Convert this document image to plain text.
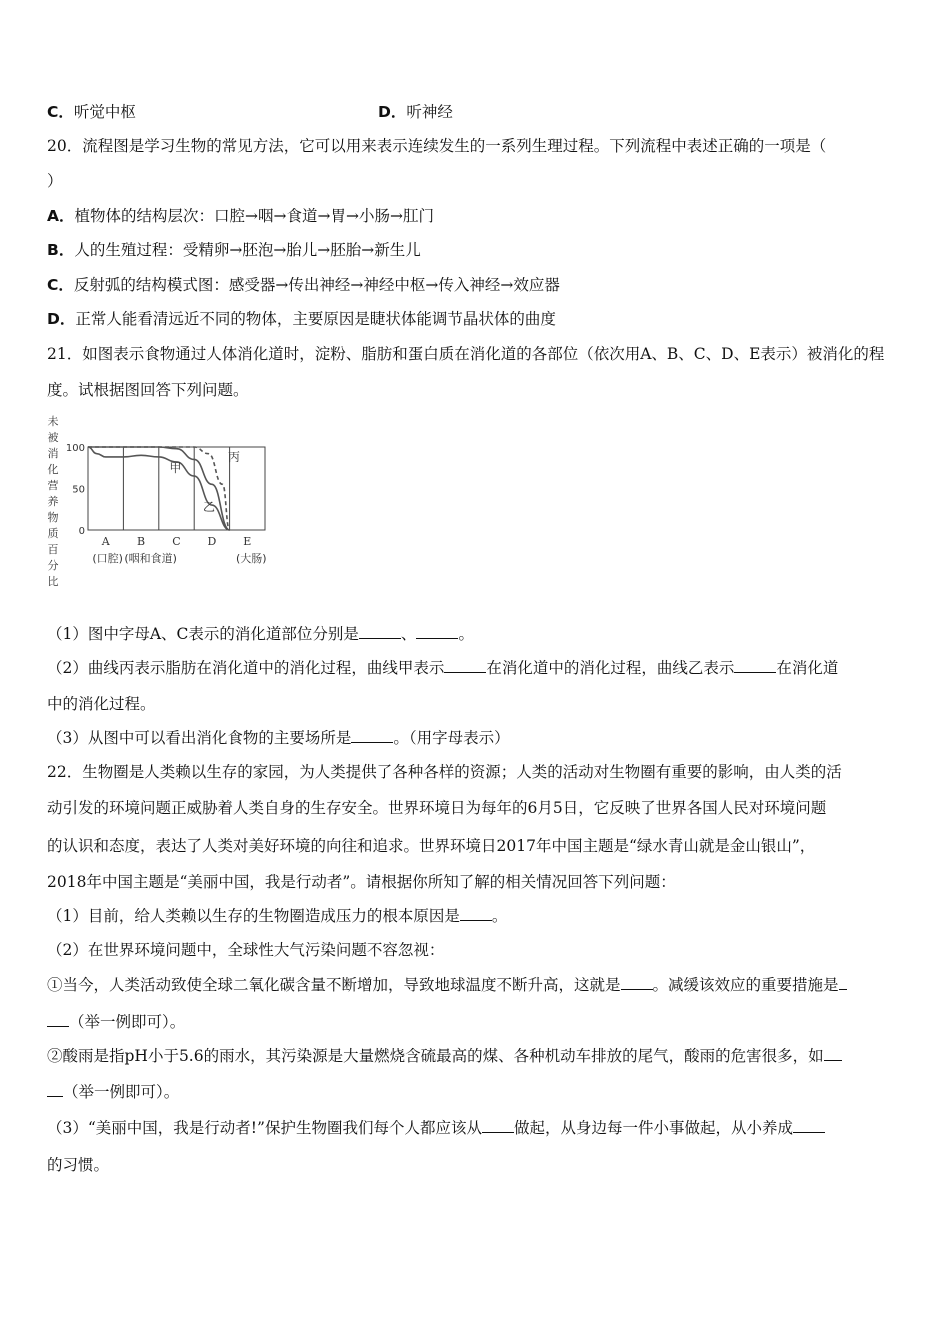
C．听觉中枢	D．听神经
20．流程图是学习生物的常见方法，它可以用来表示连续发生的一系列生理过程。下列流程中表述正确的一项是（
）
A．植物体的结构层次：口腔→咽→食道→胃→小肠→肛门
B．人的生殖过程：受精卵→胚泡→胎儿→胚胎→新生儿
C．反射弧的结构模式图：感受器→传出神经→神经中枢→传入神经→效应器
D．正常人能看清远近不同的物体，主要原因是睫状体能调节晶状体的曲度
21．如图表示食物通过人体消化道时，淀粉、脂肪和蛋白质在消化道的各部位（依次用A、B、C、D、E表示）被消化的程
度。试根据图回答下列问题。
未
被
消
化
营
养
物
质
百
分
比
100
50
0
甲
乙
丙
A B C D E
(口腔) (咽和食道)	(大肠)
（1）图中字母A、C表示的消化道部位分别是	、	。
（2）曲线丙表示脂肪在消化道中的消化过程，曲线甲表示	在消化道中的消化过程，曲线乙表示	在消化道
中的消化过程。
（3）从图中可以看出消化食物的主要场所是	。（用字母表示）
22．生物圈是人类赖以生存的家园，为人类提供了各种各样的资源；人类的活动对生物圈有重要的影响，由人类的活
动引发的环境问题正威胁着人类自身的生存安全。世界环境日为每年的6月5日，它反映了世界各国人民对环境问题
的认识和态度，表达了人类对美好环境的向往和追求。世界环境日2017年中国主题是“绿水青山就是金山银山”，
2018年中国主题是“美丽中国，我是行动者”。请根据你所知了解的相关情况回答下列问题：
（1）目前，给人类赖以生存的生物圈造成压力的根本原因是 。
（2）在世界环境问题中，全球性大气污染问题不容忽视：
①当今，人类活动致使全球二氧化碳含量不断增加，导致地球温度不断升高，这就是 。减缓该效应的重要措施是
（举一例即可）。
②酸雨是指pH小于5.6的雨水，其污染源是大量燃烧含硫最高的煤、各种机动车排放的尾气，酸雨的危害很多，如
（举一例即可）。
（3）“美丽中国，我是行动者!”保护生物圈我们每个人都应该从 做起，从身边每一件小事做起，从小养成
的习惯。
